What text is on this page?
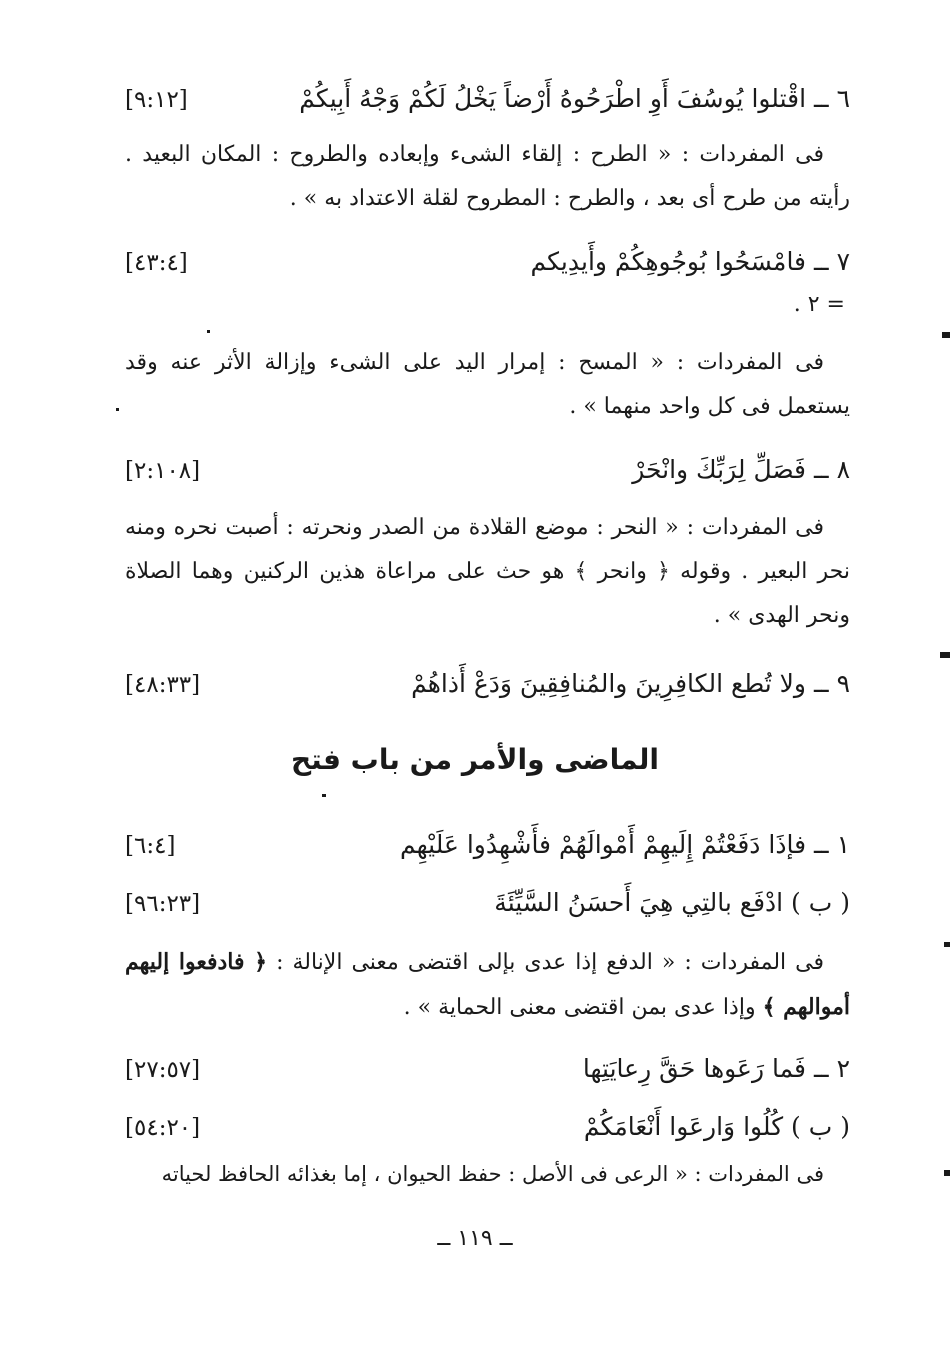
٦ ــ اقْتلوا يُوسُفَ أَوِ اطْرَحُوهُ أَرْضاً يَخْلُ لَكُمْ وَجْهُ أَبِيكُمْ
[٩:١٢]
فى المفردات : « الطرح : إلقاء الشىء وإبعاده والطروح : المكان البعيد . رأيته من طرح أى بعد ، والطرح : المطروح لقلة الاعتداد به » .
٧ ــ فامْسَحُوا بُوجُوهِكُمْ وأَيدِيكم
[٤٣:٤]
= ٢ .
فى المفردات : « المسح : إمرار اليد على الشىء وإزالة الأثر عنه وقد يستعمل فى كل واحد منهما » .
٨ ــ فَصَلِّ لِرَبِّكَ وانْحَرْ
[٢:١٠٨]
فى المفردات : « النحر : موضع القلادة من الصدر ونحرته : أصبت نحره ومنه نحر البعير . وقوله ﴿ وانحر ﴾ هو حث على مراعاة هذين الركنين وهما الصلاة ونحر الهدى » .
٩ ــ ولا تُطع الكافِرِينَ والمُنافِقِينَ وَدَعْ أَذاهُمْ
[٤٨:٣٣]
الماضى والأمر من باب فتح
١ ــ فإذَا دَفَعْتُمْ إِلَيهِمْ أَمْوالَهُمْ فأَشْهِدُوا عَلَيْهِم
[٦:٤]
( ب ) ادْفَع بالتِي هِيَ أَحسَنُ السَّيِّئَةَ
[٩٦:٢٣]
فى المفردات : « الدفع إذا عدى بإلى اقتضى معنى الإنالة : ﴿ فادفعوا إليهم أموالهم ﴾ وإذا عدى بمن اقتضى معنى الحماية » .
٢ ــ فَما رَعَوها حَقَّ رِعايَتِها
[٢٧:٥٧]
( ب ) كُلُوا وَارعَوا أَنْعَامَكُمْ
[٥٤:٢٠]
فى المفردات : « الرعى فى الأصل : حفظ الحيوان ، إما بغذائه الحافظ لحياته
ــ ١١٩ ــ
